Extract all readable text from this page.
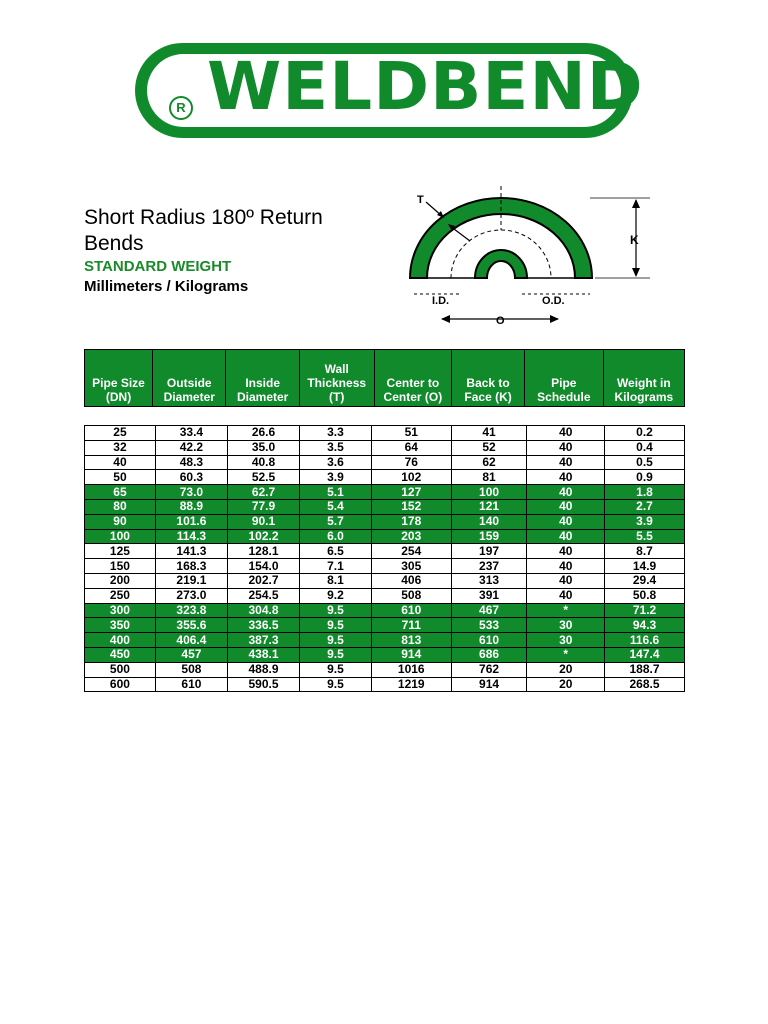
R WELDBEND
Short Radius 180º Return Bends
STANDARD WEIGHT
Millimeters / Kilograms
T
K
I.D.	O.D.
O
Pipe Size (DN)	Outside Diameter	Inside Diameter	Wall Thickness (T)	Center to Center (O)	Back to Face (K)	Pipe Schedule	Weight in Kilograms
25	33.4	26.6	3.3	51	41	40	0.2
32	42.2	35.0	3.5	64	52	40	0.4
40	48.3	40.8	3.6	76	62	40	0.5
50	60.3	52.5	3.9	102	81	40	0.9
65	73.0	62.7	5.1	127	100	40	1.8
80	88.9	77.9	5.4	152	121	40	2.7
90	101.6	90.1	5.7	178	140	40	3.9
100	114.3	102.2	6.0	203	159	40	5.5
125	141.3	128.1	6.5	254	197	40	8.7
150	168.3	154.0	7.1	305	237	40	14.9
200	219.1	202.7	8.1	406	313	40	29.4
250	273.0	254.5	9.2	508	391	40	50.8
300	323.8	304.8	9.5	610	467	*	71.2
350	355.6	336.5	9.5	711	533	30	94.3
400	406.4	387.3	9.5	813	610	30	116.6
450	457	438.1	9.5	914	686	*	147.4
500	508	488.9	9.5	1016	762	20	188.7
600	610	590.5	9.5	1219	914	20	268.5
